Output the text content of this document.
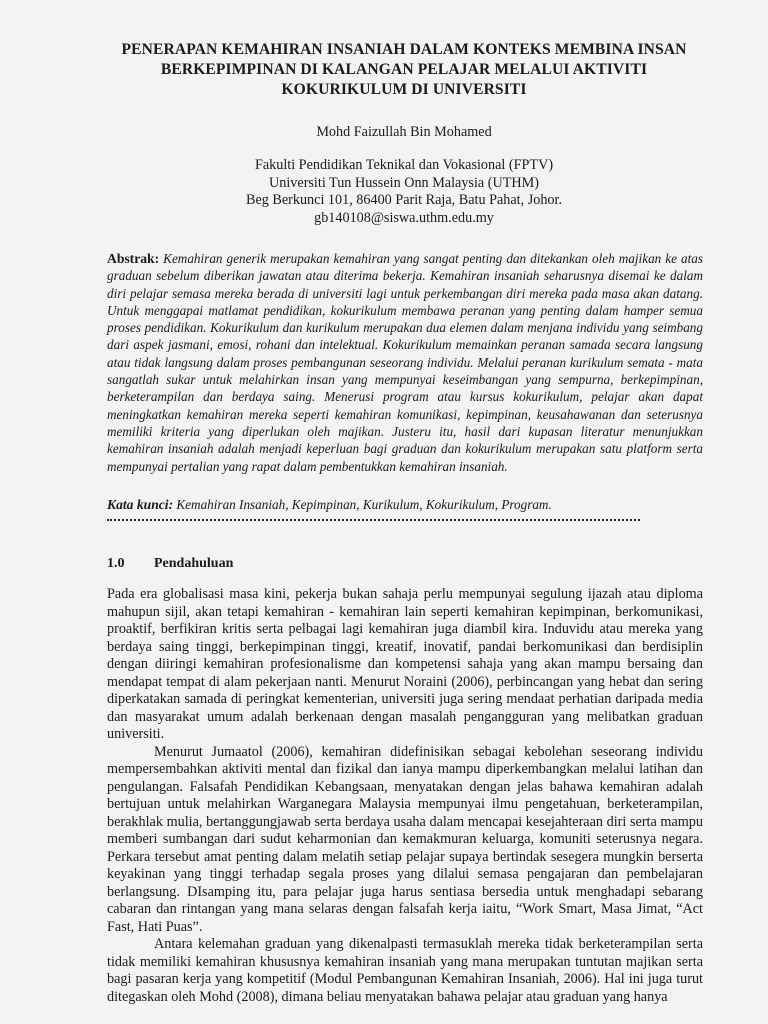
PENERAPAN KEMAHIRAN INSANIAH DALAM KONTEKS MEMBINA INSAN
BERKEPIMPINAN DI KALANGAN PELAJAR MELALUI AKTIVITI
KOKURIKULUM DI UNIVERSITI
Mohd Faizullah Bin Mohamed
Fakulti Pendidikan Teknikal dan Vokasional (FPTV)
Universiti Tun Hussein Onn Malaysia (UTHM)
Beg Berkunci 101, 86400 Parit Raja, Batu Pahat, Johor.
gb140108@siswa.uthm.edu.my
Abstrak: Kemahiran generik merupakan kemahiran yang sangat penting dan ditekankan oleh majikan ke atas graduan sebelum diberikan jawatan atau diterima bekerja. Kemahiran insaniah seharusnya disemai ke dalam diri pelajar semasa mereka berada di universiti lagi untuk perkembangan diri mereka pada masa akan datang. Untuk menggapai matlamat pendidikan, kokurikulum membawa peranan yang penting dalam hamper semua proses pendidikan. Kokurikulum dan kurikulum merupakan dua elemen dalam menjana individu yang seimbang dari aspek jasmani, emosi, rohani dan intelektual. Kokurikulum memainkan peranan samada secara langsung atau tidak langsung dalam proses pembangunan seseorang individu. Melalui peranan kurikulum semata - mata sangatlah sukar untuk melahirkan insan yang mempunyai keseimbangan yang sempurna, berkepimpinan, berketerampilan dan berdaya saing. Menerusi program atau kursus kokurikulum, pelajar akan dapat meningkatkan kemahiran mereka seperti kemahiran komunikasi, kepimpinan, keusahawanan dan seterusnya memiliki kriteria yang diperlukan oleh majikan. Justeru itu, hasil dari kupasan literatur menunjukkan kemahiran insaniah adalah menjadi keperluan bagi graduan dan kokurikulum merupakan satu platform serta mempunyai pertalian yang rapat dalam pembentukkan kemahiran insaniah.
Kata kunci: Kemahiran Insaniah, Kepimpinan, Kurikulum, Kokurikulum, Program.
1.0 Pendahuluan

Pada era globalisasi masa kini, pekerja bukan sahaja perlu mempunyai segulung ijazah atau diploma mahupun sijil, akan tetapi kemahiran - kemahiran lain seperti kemahiran kepimpinan, berkomunikasi, proaktif, berfikiran kritis serta pelbagai lagi kemahiran juga diambil kira. Induvidu atau mereka yang berdaya saing tinggi, berkepimpinan tinggi, kreatif, inovatif, pandai berkomunikasi dan berdisiplin dengan diiringi kemahiran profesionalisme dan kompetensi sahaja yang akan mampu bersaing dan mendapat tempat di alam pekerjaan nanti. Menurut Noraini (2006), perbincangan yang hebat dan sering diperkatakan samada di peringkat kementerian, universiti juga sering mendaat perhatian daripada media dan masyarakat umum adalah berkenaan dengan masalah pengangguran yang melibatkan graduan universiti.

Menurut Jumaatol (2006), kemahiran didefinisikan sebagai kebolehan seseorang individu mempersembahkan aktiviti mental dan fizikal dan ianya mampu diperkembangkan melalui latihan dan pengulangan. Falsafah Pendidikan Kebangsaan, menyatakan dengan jelas bahawa kemahiran adalah bertujuan untuk melahirkan Warganegara Malaysia mempunyai ilmu pengetahuan, berketerampilan, berakhlak mulia, bertanggungjawab serta berdaya usaha dalam mencapai kesejahteraan diri serta mampu memberi sumbangan dari sudut keharmonian dan kemakmuran keluarga, komuniti seterusnya negara. Perkara tersebut amat penting dalam melatih setiap pelajar supaya bertindak sesegera mungkin berserta keyakinan yang tinggi terhadap segala proses yang dilalui semasa pengajaran dan pembelajaran berlangsung. DIsamping itu, para pelajar juga harus sentiasa bersedia untuk menghadapi sebarang cabaran dan rintangan yang mana selaras dengan falsafah kerja iaitu, “Work Smart, Masa Jimat, “Act Fast, Hati Puas”.

Antara kelemahan graduan yang dikenalpasti termasuklah mereka tidak berketerampilan serta tidak memiliki kemahiran khususnya kemahiran insaniah yang mana merupakan tuntutan majikan serta bagi pasaran kerja yang kompetitif (Modul Pembangunan Kemahiran Insaniah, 2006). Hal ini juga turut ditegaskan oleh Mohd (2008), dimana beliau menyatakan bahawa pelajar atau graduan yang hanya
